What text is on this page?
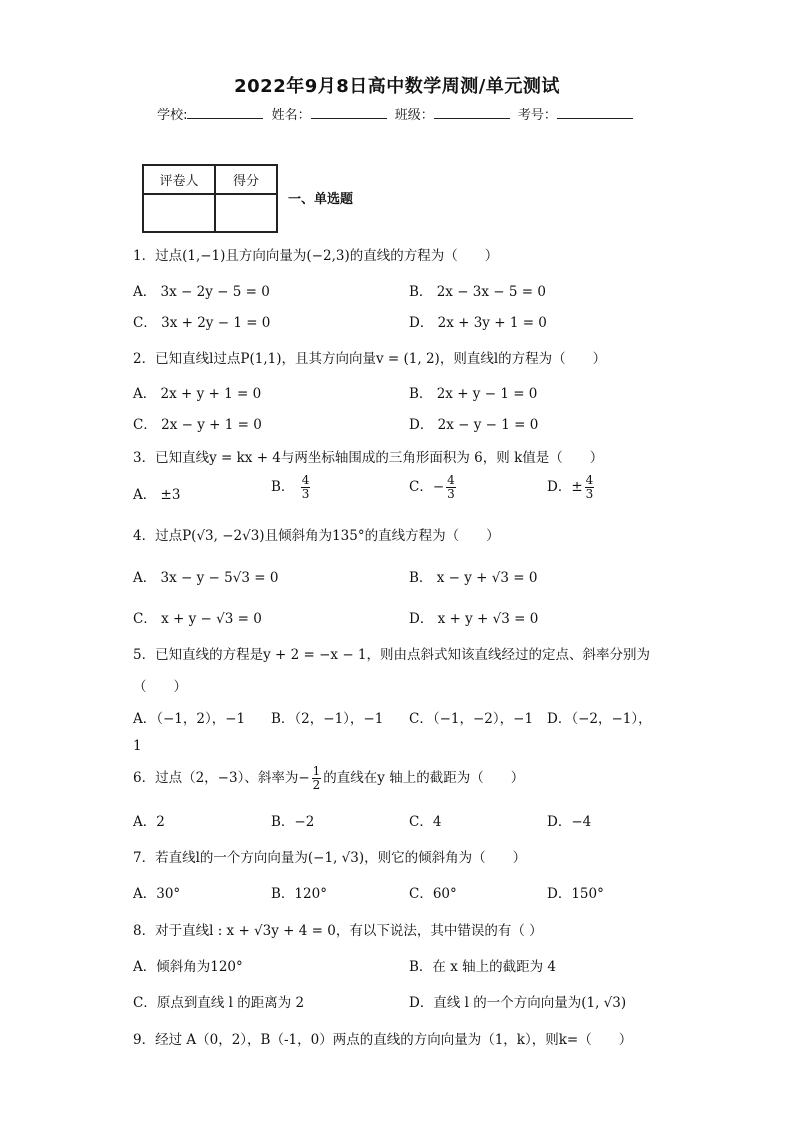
2022年9月8日高中数学周测/单元测试
学校:	姓名：	班级：	考号：
评卷人	得分

一、单选题
1．过点(1,−1)且方向向量为(−2,3)的直线的方程为（　　）
A． 3x − 2y − 5 = 0	B． 2x − 3x − 5 = 0
C． 3x + 2y − 1 = 0	D． 2x + 3y + 1 = 0
2．已知直线l过点P(1,1)，且其方向向量v = (1, 2)，则直线l的方程为（　　）
A． 2x + y + 1 = 0	B． 2x + y − 1 = 0
C． 2x − y + 1 = 0	D． 2x − y − 1 = 0
3．已知直线y = kx + 4与两坐标轴围成的三角形面积为 6，则 k值是（　　）
A． ±3	B． $\frac{4}{3}$	C．− $\frac{4}{3}$	D．± $\frac{4}{3}$
4．过点P(√3, −2√3)且倾斜角为135°的直线方程为（　　）
A． 3x − y − 5√3 = 0	B． x − y + √3 = 0
C． x + y − √3 = 0	D． x + y + √3 = 0
5．已知直线的方程是y + 2 = −x − 1，则由点斜式知该直线经过的定点、斜率分别为
（　　）
A．（−1，2），−1 B．（2，−1），−1 C．（−1，−2），−1 D．（−2，−1），
1
6．过点（2，−3）、斜率为− $\frac{1}{2}$ 的直线在y 轴上的截距为（　　）
A．2	B．−2	C．4	D．−4
7．若直线l的一个方向向量为(−1, √3)，则它的倾斜角为（　　）
A．30°	B．120°	C．60°	D．150°
8．对于直线l : x + √3y + 4 = 0，有以下说法，其中错误的有（ ）
A．倾斜角为120°	B．在 x 轴上的截距为 4
C．原点到直线 l 的距离为 2	D．直线 l 的一个方向向量为(1, √3)
9．经过 A（0，2），B（-1，0）两点的直线的方向向量为（1，k），则k=（　　）
